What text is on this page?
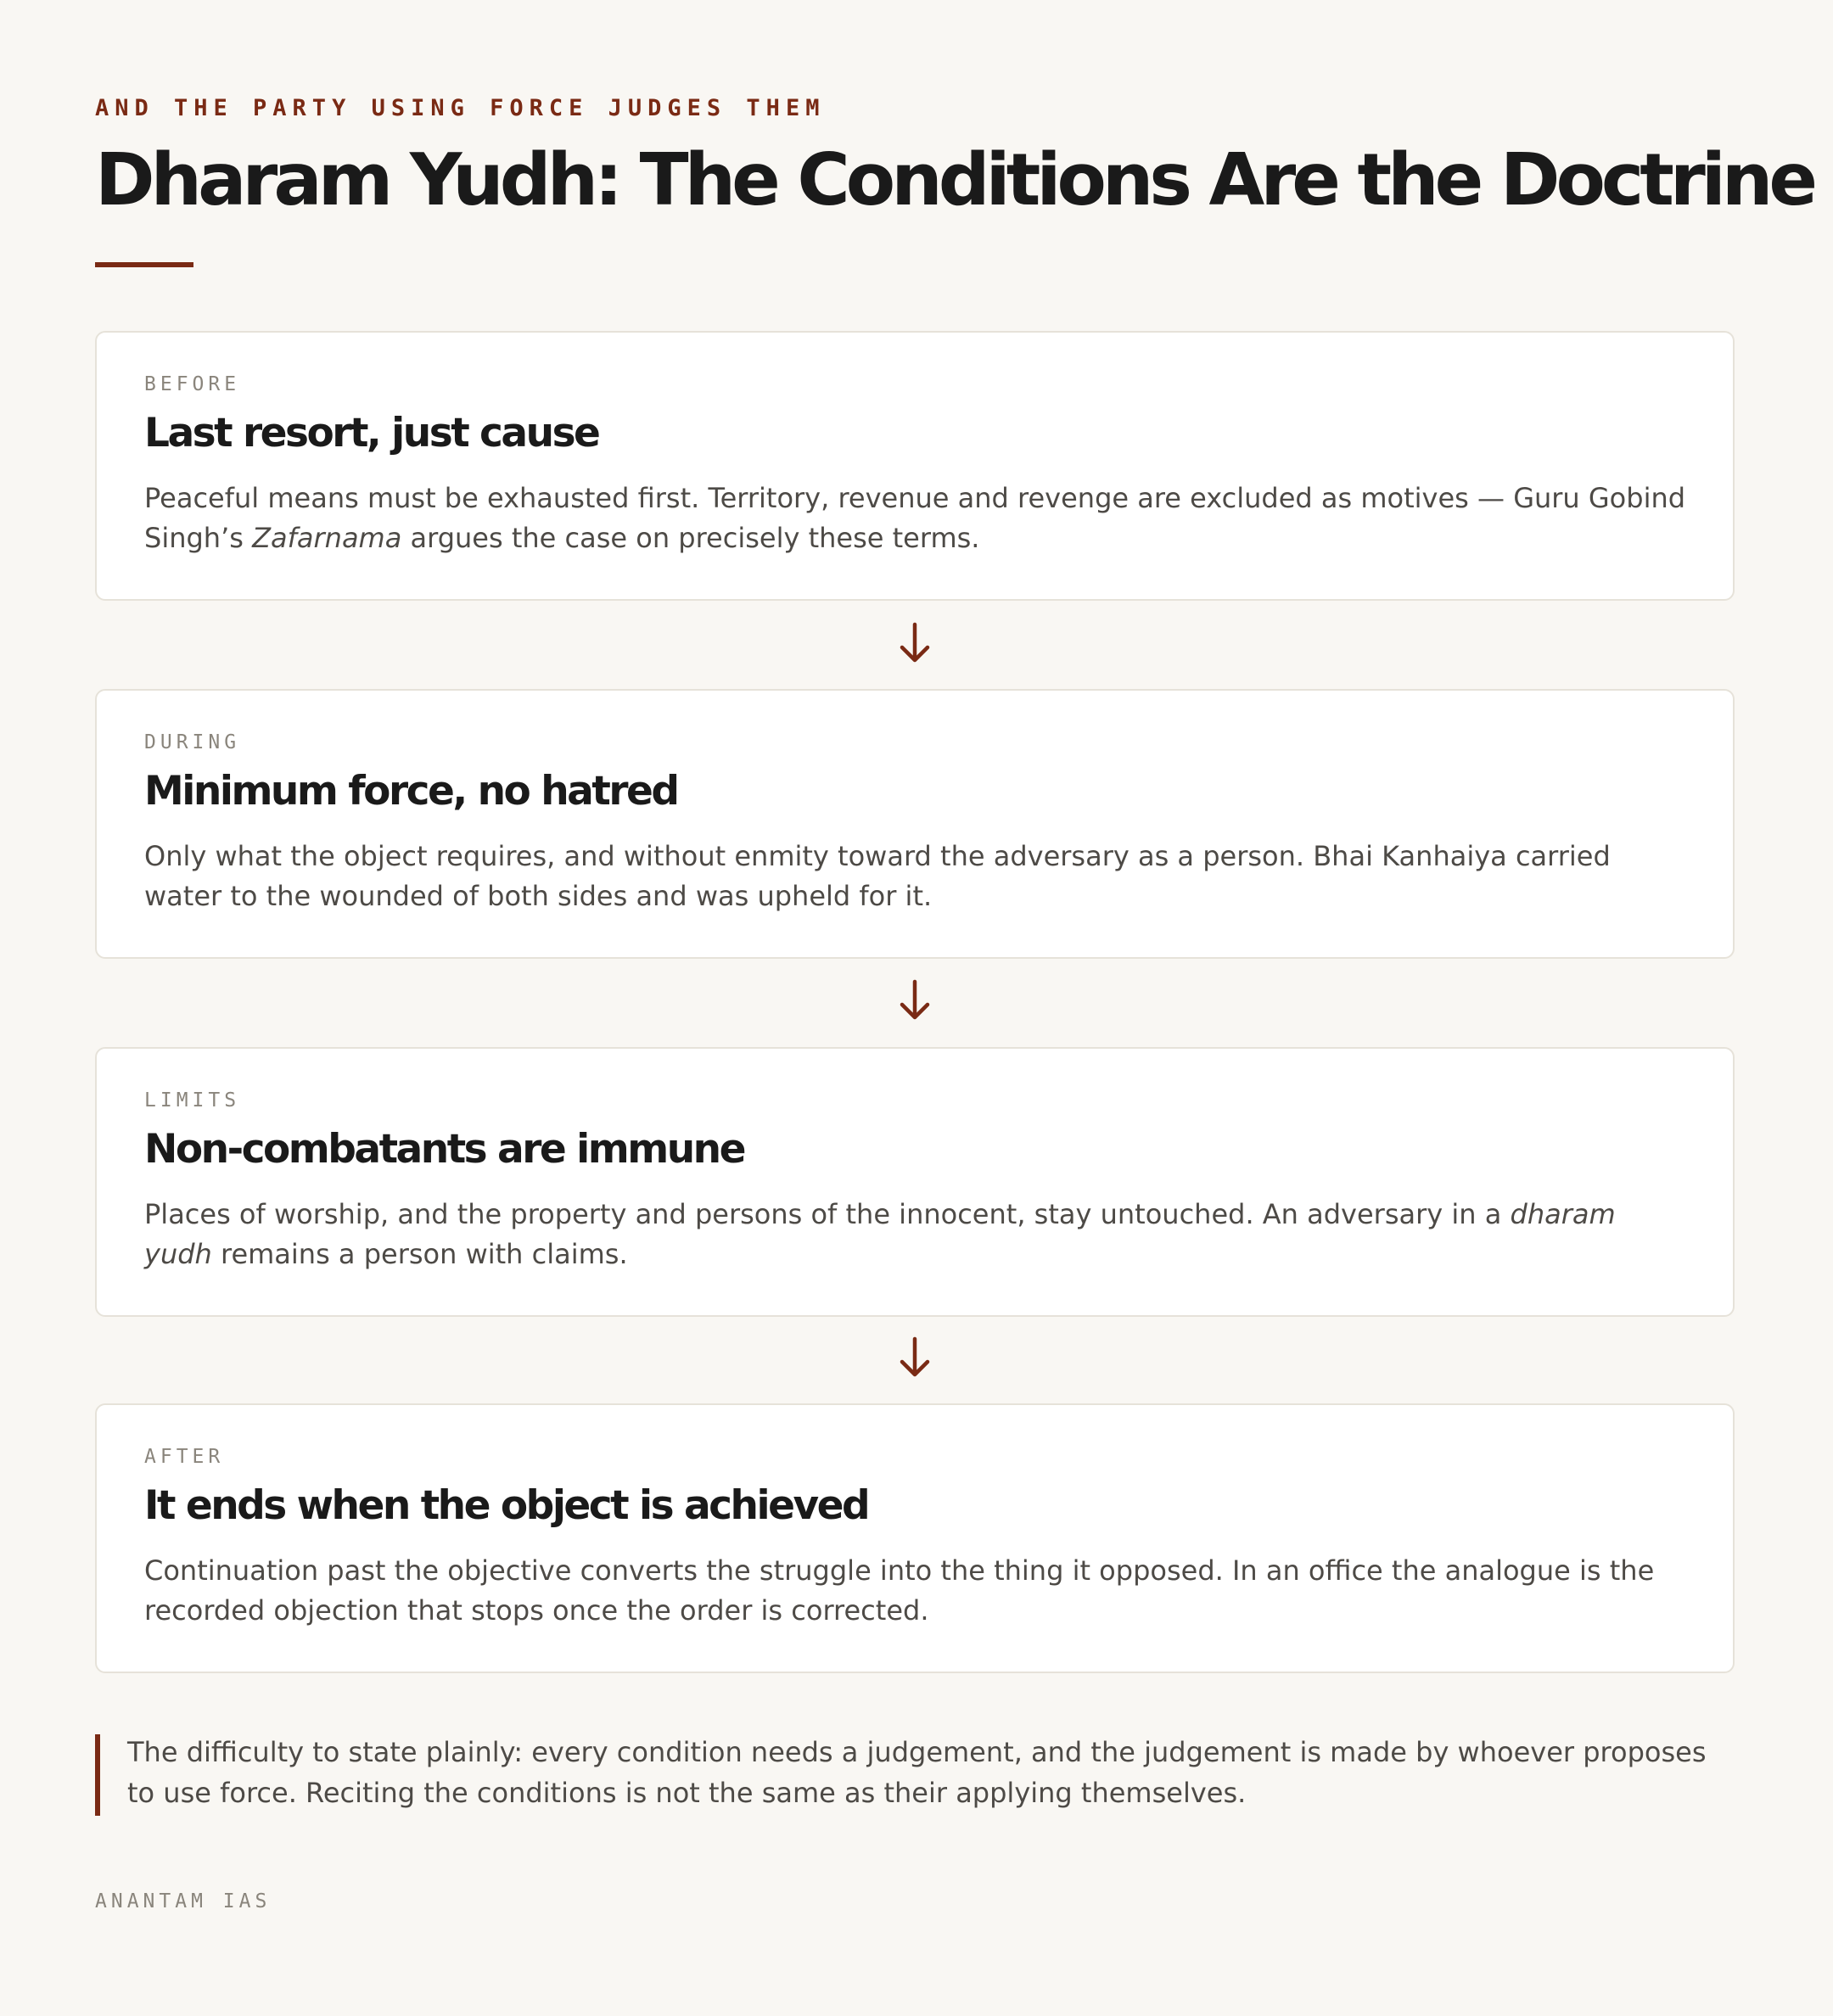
AND THE PARTY USING FORCE JUDGES THEM
Dharam Yudh: The Conditions Are the Doctrine
BEFORE
Last resort, just cause

Peaceful means must be exhausted first. Territory, revenue and revenge are excluded as motives — Guru Gobind Singh’s Zafarnama argues the case on precisely these terms.

DURING
Minimum force, no hatred

Only what the object requires, and without enmity toward the adversary as a person. Bhai Kanhaiya carried water to the wounded of both sides and was upheld for it.

LIMITS
Non-combatants are immune

Places of worship, and the property and persons of the innocent, stay untouched. An adversary in a dharam yudh remains a person with claims.

AFTER
It ends when the object is achieved

Continuation past the objective converts the struggle into the thing it opposed. In an office the analogue is the recorded objection that stops once the order is corrected.

The difficulty to state plainly: every condition needs a judgement, and the judgement is made by whoever proposes to use force. Reciting the conditions is not the same as their applying themselves.

ANANTAM IAS
